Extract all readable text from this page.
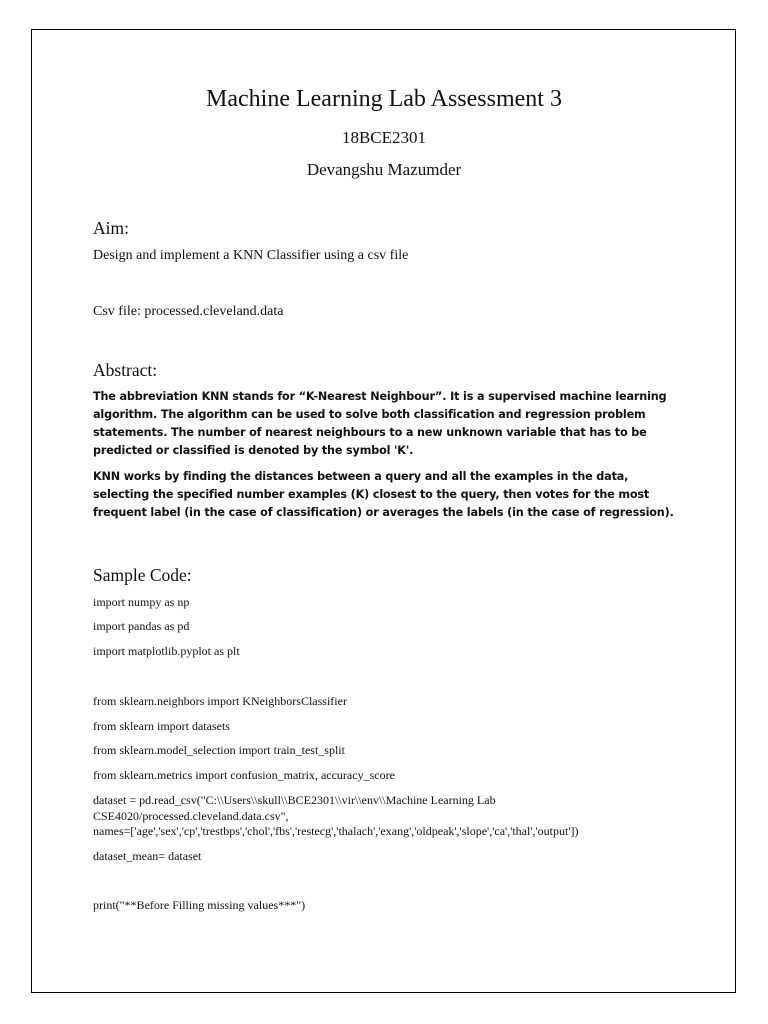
Machine Learning Lab Assessment 3
18BCE2301
Devangshu Mazumder
Aim:
Design and implement a KNN Classifier using a csv file
Csv file: processed.cleveland.data
Abstract:
The abbreviation KNN stands for “K-Nearest Neighbour”. It is a supervised machine learning algorithm. The algorithm can be used to solve both classification and regression problem statements. The number of nearest neighbours to a new unknown variable that has to be predicted or classified is denoted by the symbol 'K'.
KNN works by finding the distances between a query and all the examples in the data, selecting the specified number examples (K) closest to the query, then votes for the most frequent label (in the case of classification) or averages the labels (in the case of regression).
Sample Code:
import numpy as np
import pandas as pd
import matplotlib.pyplot as plt
from sklearn.neighbors import KNeighborsClassifier
from sklearn import datasets
from sklearn.model_selection import train_test_split
from sklearn.metrics import confusion_matrix, accuracy_score
dataset = pd.read_csv("C:\\Users\\skull\\BCE2301\\vir\\env\\Machine Learning Lab
CSE4020/processed.cleveland.data.csv",
names=['age','sex','cp','trestbps','chol','fbs','restecg','thalach','exang','oldpeak','slope','ca','thal','output'])
dataset_mean= dataset
print("**Before Filling missing values***")
